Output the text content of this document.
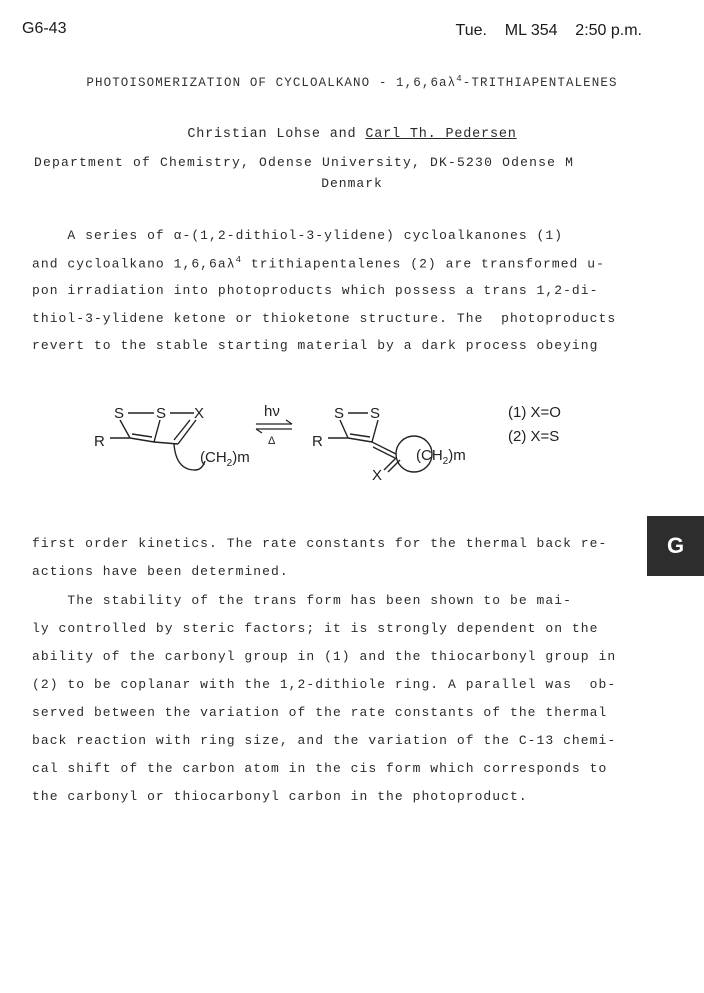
G6-43	Tue. ML 354 2:50 p.m.
PHOTOISOMERIZATION OF CYCLOALKANO - $1,6,6a\lambda^4$-TRITHIAPENTALENES
Christian Lohse and Carl Th. Pedersen
Department of Chemistry, Odense University, DK-5230 Odense M
Denmark
A series of α-(1,2-dithiol-3-ylidene) cycloalkanones (1)
and cycloalkano $1,6,6a\lambda^4$ trithiapentalenes (2) are transformed u-
pon irradiation into photoproducts which possess a trans 1,2-di-
thiol-3-ylidene ketone or thioketone structure. The  photoproducts
revert to the stable starting material by a dark process obeying
S S X
R
$(CH_2)m$
hν
Δ
S S
R
X
$(CH_2)m$
(1) X=O
(2) X=S
G
first order kinetics. The rate constants for the thermal back re-
actions have been determined.
The stability of the trans form has been shown to be mai-
ly controlled by steric factors; it is strongly dependent on the
ability of the carbonyl group in (1) and the thiocarbonyl group in
(2) to be coplanar with the 1,2-dithiole ring. A parallel was  ob-
served between the variation of the rate constants of the thermal
back reaction with ring size, and the variation of the C-13 chemi-
cal shift of the carbon atom in the cis form which corresponds to
the carbonyl or thiocarbonyl carbon in the photoproduct.
